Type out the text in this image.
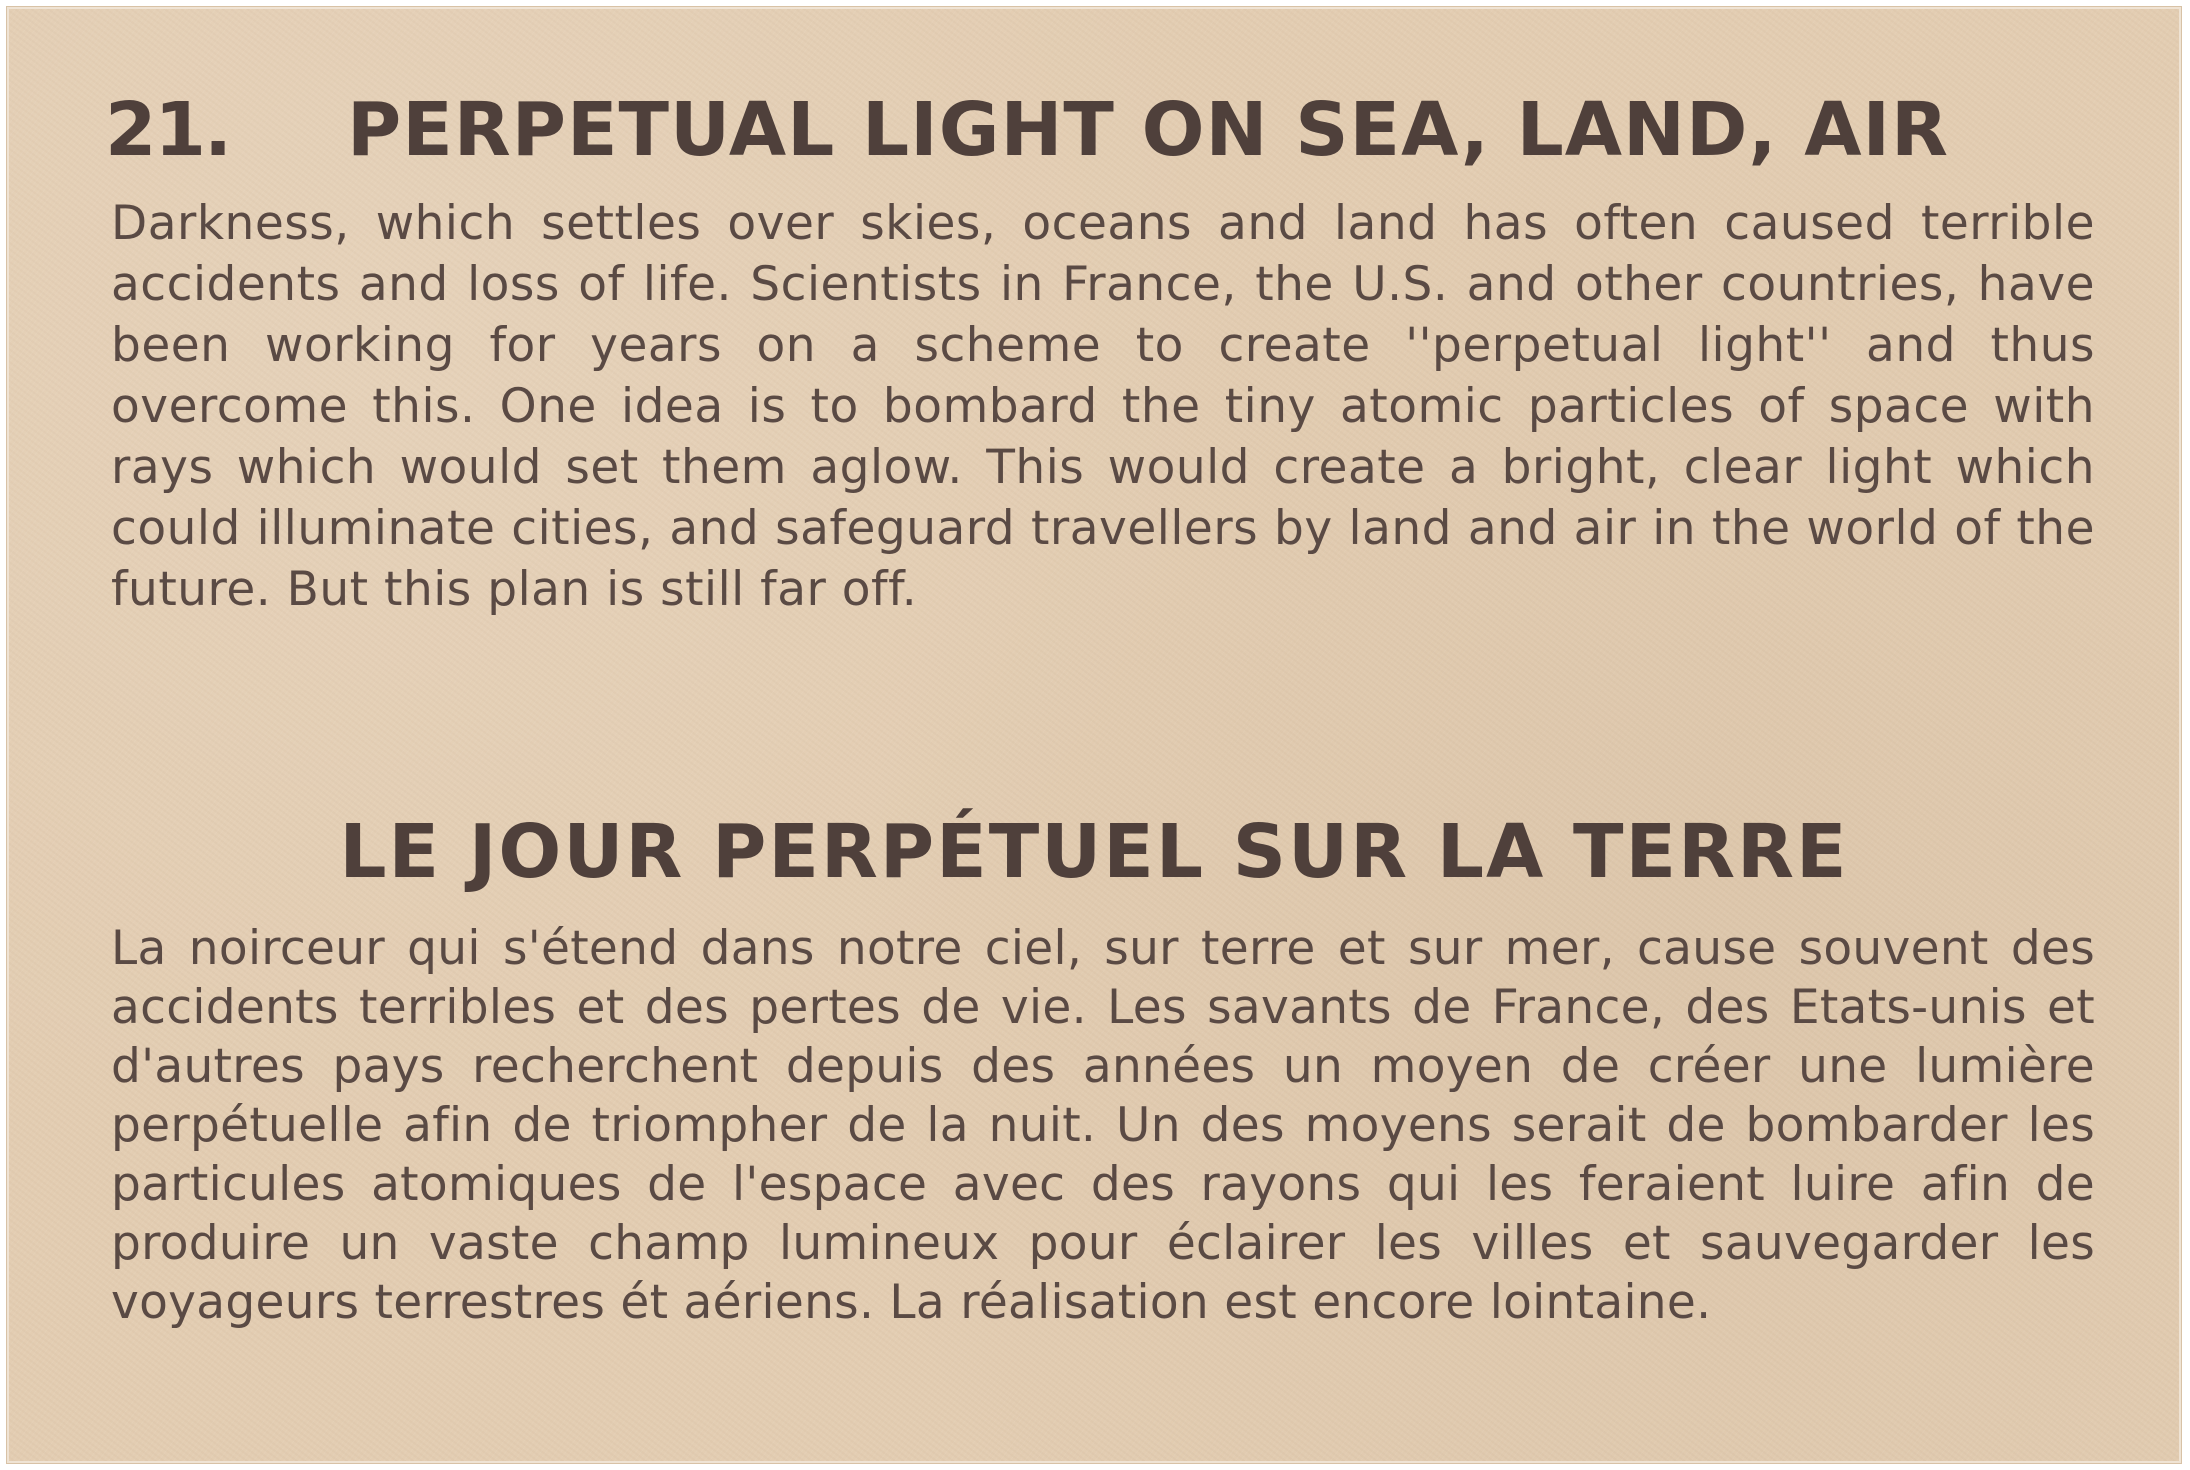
21. PERPETUAL LIGHT ON SEA, LAND, AIR

Darkness, which settles over skies, oceans and land has often caused terrible accidents and loss of life. Scientists in France, the U.S. and other countries, have been working for years on a scheme to create ''perpetual light'' and thus overcome this. One idea is to bombard the tiny atomic particles of space with rays which would set them aglow. This would create a bright, clear light which could illuminate cities, and safeguard travellers by land and air in the world of the future. But this plan is still far off.

LE JOUR PERPÉTUEL SUR LA TERRE

La noirceur qui s'étend dans notre ciel, sur terre et sur mer, cause souvent des accidents terribles et des pertes de vie. Les savants de France, des Etats-unis et d'autres pays recherchent depuis des années un moyen de créer une lumière perpétuelle afin de triompher de la nuit. Un des moyens serait de bombarder les particules atomiques de l'espace avec des rayons qui les feraient luire afin de produire un vaste champ lumineux pour éclairer les villes et sauvegarder les voyageurs terrestres ét aériens. La réalisation est encore lointaine.
